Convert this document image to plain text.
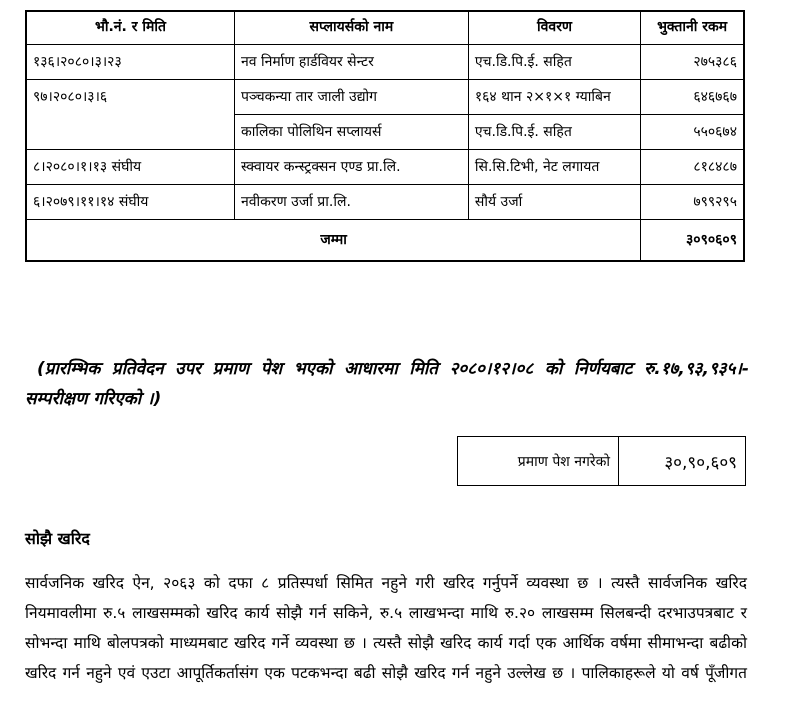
भौ.नं. र मिति	सप्लायर्सको नाम	विवरण	भुक्तानी रकम
१३६।२०८०।३।२३	नव निर्माण हार्डवियर सेन्टर	एच.डि.पि.ई. सहित	२७५३८६
९७।२०८०।३।६	पञ्चकन्या तार जाली उद्योग	१६४ थान २×१×१ ग्याबिन	६४६७६७
	कालिका पोलिथिन सप्लायर्स	एच.डि.पि.ई. सहित	५५०६७४
८।२०८०।१।१३ संघीय	स्क्वायर कन्स्ट्रक्सन एण्ड प्रा.लि.	सि.सि.टिभी, नेट लगायत	८१८४८७
६।२०७९।११।१४ संघीय	नवीकरण उर्जा प्रा.लि.	सौर्य उर्जा	७९९२९५
जम्मा			३०९०६०९
(प्रारम्भिक प्रतिवेदन उपर प्रमाण पेश भएको आधारमा मिति २०८०।१२।०८ को निर्णयबाट रु.१७,९३,९३५।- सम्परीक्षण गरिएको ।)
प्रमाण पेश नगरेको	३०,९०,६०९
सोझै खरिद

सार्वजनिक खरिद ऐन, २०६३ को दफा ८ प्रतिस्पर्धा सिमित नहुने गरी खरिद गर्नुपर्ने व्यवस्था छ । त्यस्तै सार्वजनिक खरिद नियमावलीमा रु.५ लाखसम्मको खरिद कार्य सोझै गर्न सकिने, रु.५ लाखभन्दा माथि रु.२० लाखसम्म सिलबन्दी दरभाउपत्रबाट र सोभन्दा माथि बोलपत्रको माध्यमबाट खरिद गर्ने व्यवस्था छ । त्यस्तै सोझै खरिद कार्य गर्दा एक आर्थिक वर्षमा सीमाभन्दा बढीको खरिद गर्न नहुने एवं एउटा आपूर्तिकर्तासंग एक पटकभन्दा बढी सोझै खरिद गर्न नहुने उल्लेख छ । पालिकाहरूले यो वर्ष पूँजीगत
